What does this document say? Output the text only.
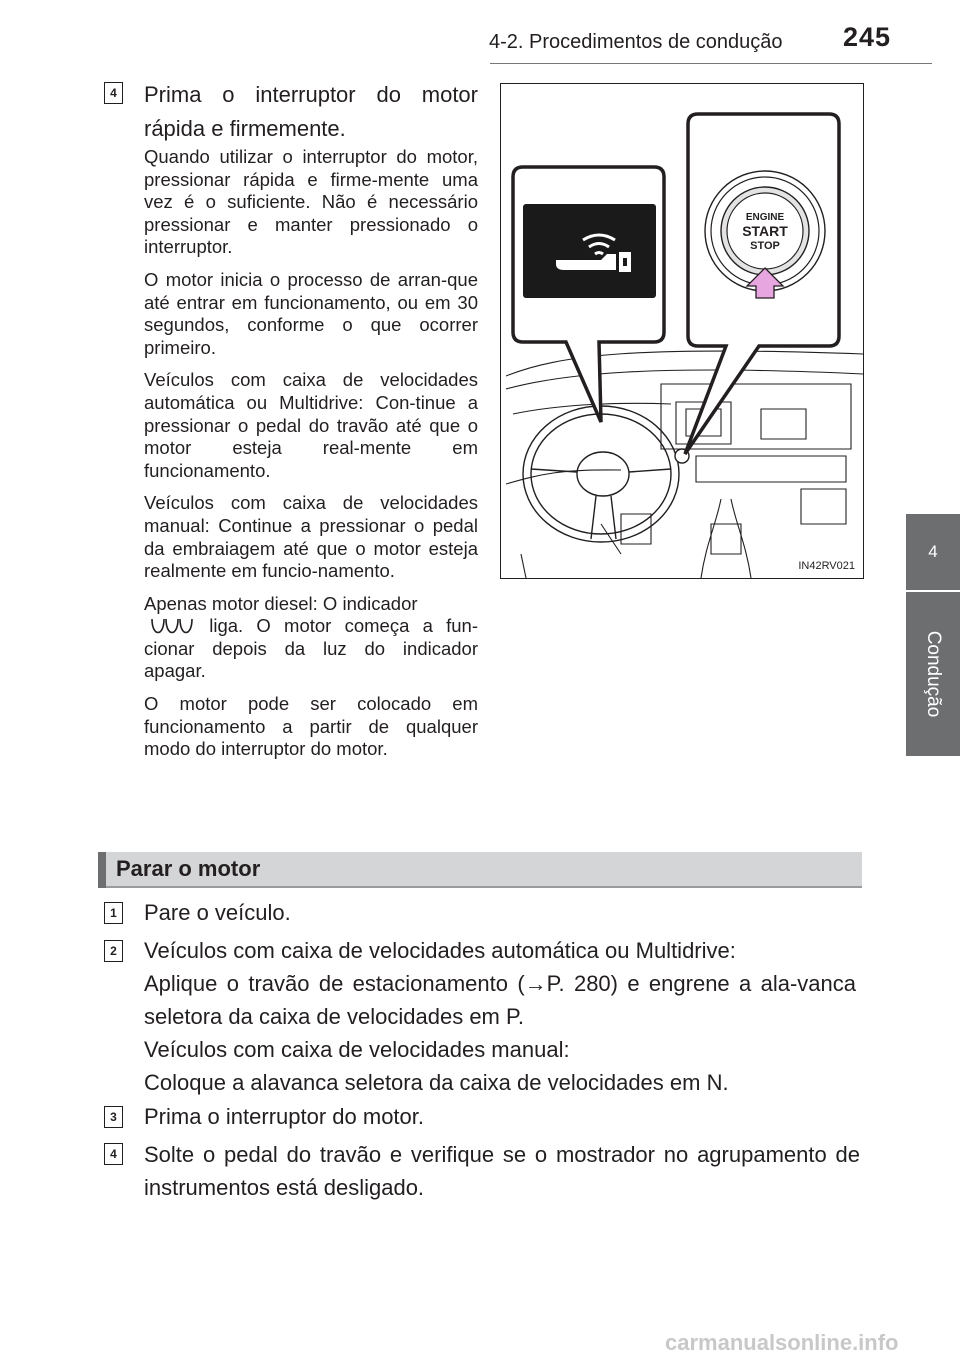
4-2. Procedimentos de condução 245
4
Condução
4 Prima o interruptor do motor rápida e firmemente.

Quando utilizar o interruptor do motor, pressionar rápida e firme-mente uma vez é o suficiente. Não é necessário pressionar e manter pressionado o interruptor.

O motor inicia o processo de arran-que até entrar em funcionamento, ou em 30 segundos, conforme o que ocorrer primeiro.

Veículos com caixa de velocidades automática ou Multidrive: Con-tinue a pressionar o pedal do travão até que o motor esteja real-mente em funcionamento.

Veículos com caixa de velocidades manual: Continue a pressionar o pedal da embraiagem até que o motor esteja realmente em funcio-namento.

Apenas motor diesel: O indicador
liga. O motor começa a fun-cionar depois da luz do indicador apagar.

O motor pode ser colocado em funcionamento a partir de qualquer modo do interruptor do motor.

ENGINE
START
STOP
IN42RV021
Parar o motor
1 Pare o veículo.
2 Veículos com caixa de velocidades automática ou Multidrive:
Aplique o travão de estacionamento (→P. 280) e engrene a ala-vanca seletora da caixa de velocidades em P.
Veículos com caixa de velocidades manual:
Coloque a alavanca seletora da caixa de velocidades em N.
3 Prima o interruptor do motor.
4 Solte o pedal do travão e verifique se o mostrador no agrupamento de instrumentos está desligado.
carmanualsonline.info
